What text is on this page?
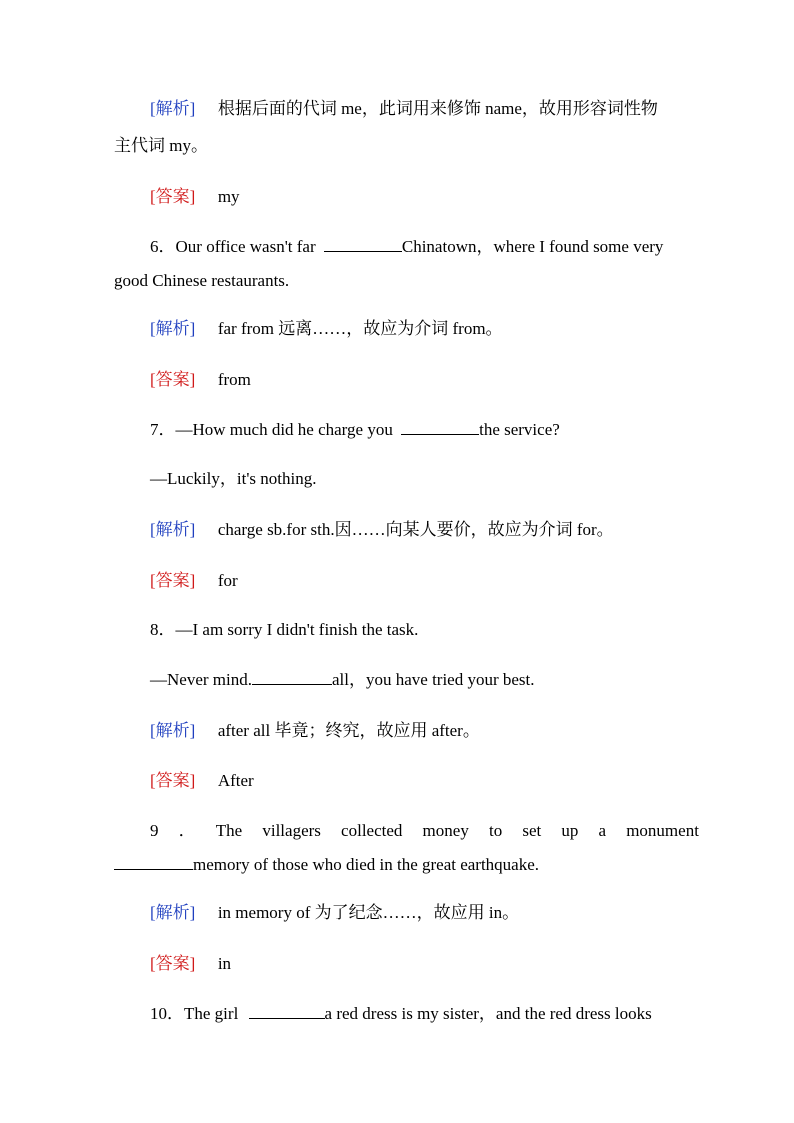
[解析] 根据后面的代词 me，此词用来修饰 name，故用形容词性物
主代词 my。
[答案] my
6．Our office wasn't far	Chinatown，where I found some very
good Chinese restaurants.
[解析] far from 远离……，故应为介词 from。
[答案] from
7．—How much did he charge you	the service?
—Luckily，it's nothing.
[解析] charge sb.for sth.因……向某人要价，故应为介词 for。
[答案] for
8．—I am sorry I didn't finish the task.
—Never mind.	all，you have tried your best.
[解析] after all 毕竟；终究，故应用 after。
[答案] After
9 ． The villagers collected money to set up a monument
memory of those who died in the great earthquake.
[解析] in memory of 为了纪念……，故应用 in。
[答案] in
10．The girl	a red dress is my sister，and the red dress looks
